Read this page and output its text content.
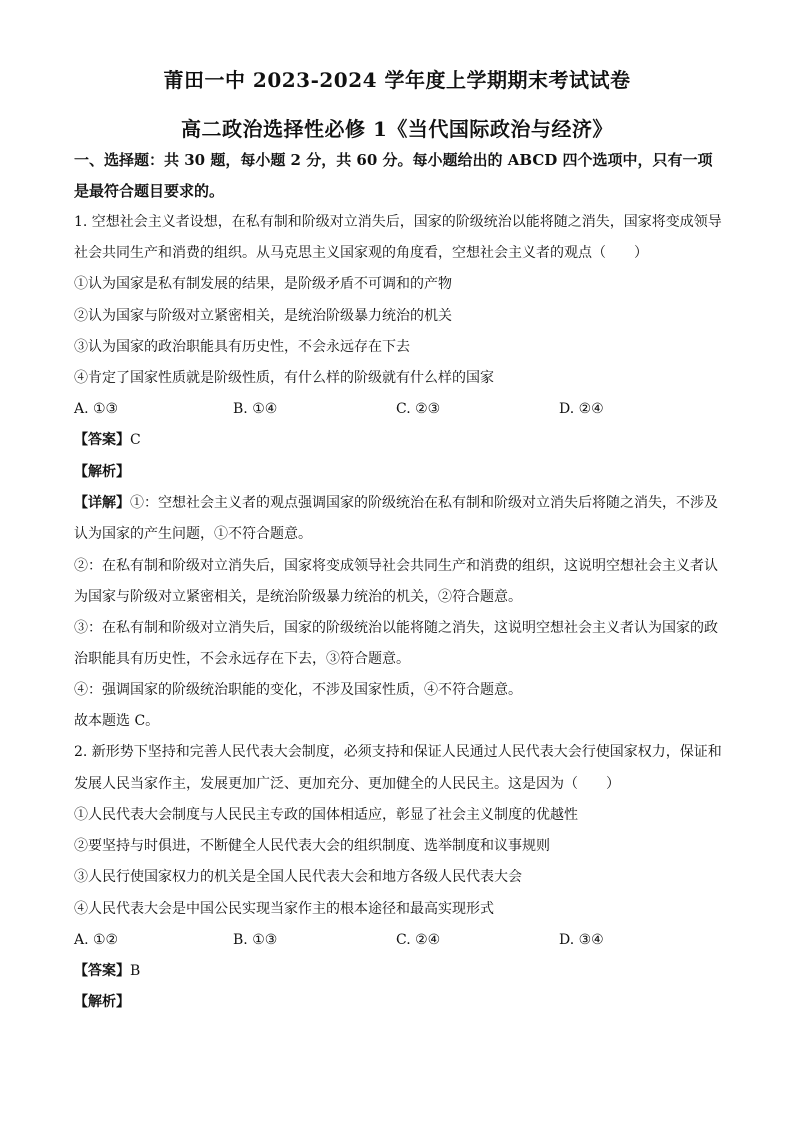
莆田一中 2023-2024 学年度上学期期末考试试卷
高二政治选择性必修 1《当代国际政治与经济》
一、选择题：共 30 题，每小题 2 分，共 60 分。每小题给出的 ABCD 四个选项中，只有一项
是最符合题目要求的。
1. 空想社会主义者设想，在私有制和阶级对立消失后，国家的阶级统治以能将随之消失，国家将变成领导
社会共同生产和消费的组织。从马克思主义国家观的角度看，空想社会主义者的观点（　　）
①认为国家是私有制发展的结果，是阶级矛盾不可调和的产物
②认为国家与阶级对立紧密相关，是统治阶级暴力统治的机关
③认为国家的政治职能具有历史性，不会永远存在下去
④肯定了国家性质就是阶级性质，有什么样的阶级就有什么样的国家
A. ①③	B. ①④	C. ②③	D. ②④
【答案】C
【解析】
【详解】①：空想社会主义者的观点强调国家的阶级统治在私有制和阶级对立消失后将随之消失，不涉及
认为国家的产生问题，①不符合题意。
②：在私有制和阶级对立消失后，国家将变成领导社会共同生产和消费的组织，这说明空想社会主义者认
为国家与阶级对立紧密相关，是统治阶级暴力统治的机关，②符合题意。
③：在私有制和阶级对立消失后，国家的阶级统治以能将随之消失，这说明空想社会主义者认为国家的政
治职能具有历史性，不会永远存在下去，③符合题意。
④：强调国家的阶级统治职能的变化，不涉及国家性质，④不符合题意。
故本题选 C。
2. 新形势下坚持和完善人民代表大会制度，必须支持和保证人民通过人民代表大会行使国家权力，保证和
发展人民当家作主，发展更加广泛、更加充分、更加健全的人民民主。这是因为（　　）
①人民代表大会制度与人民民主专政的国体相适应，彰显了社会主义制度的优越性
②要坚持与时俱进，不断健全人民代表大会的组织制度、选举制度和议事规则
③人民行使国家权力的机关是全国人民代表大会和地方各级人民代表大会
④人民代表大会是中国公民实现当家作主的根本途径和最高实现形式
A. ①②	B. ①③	C. ②④	D. ③④
【答案】B
【解析】
